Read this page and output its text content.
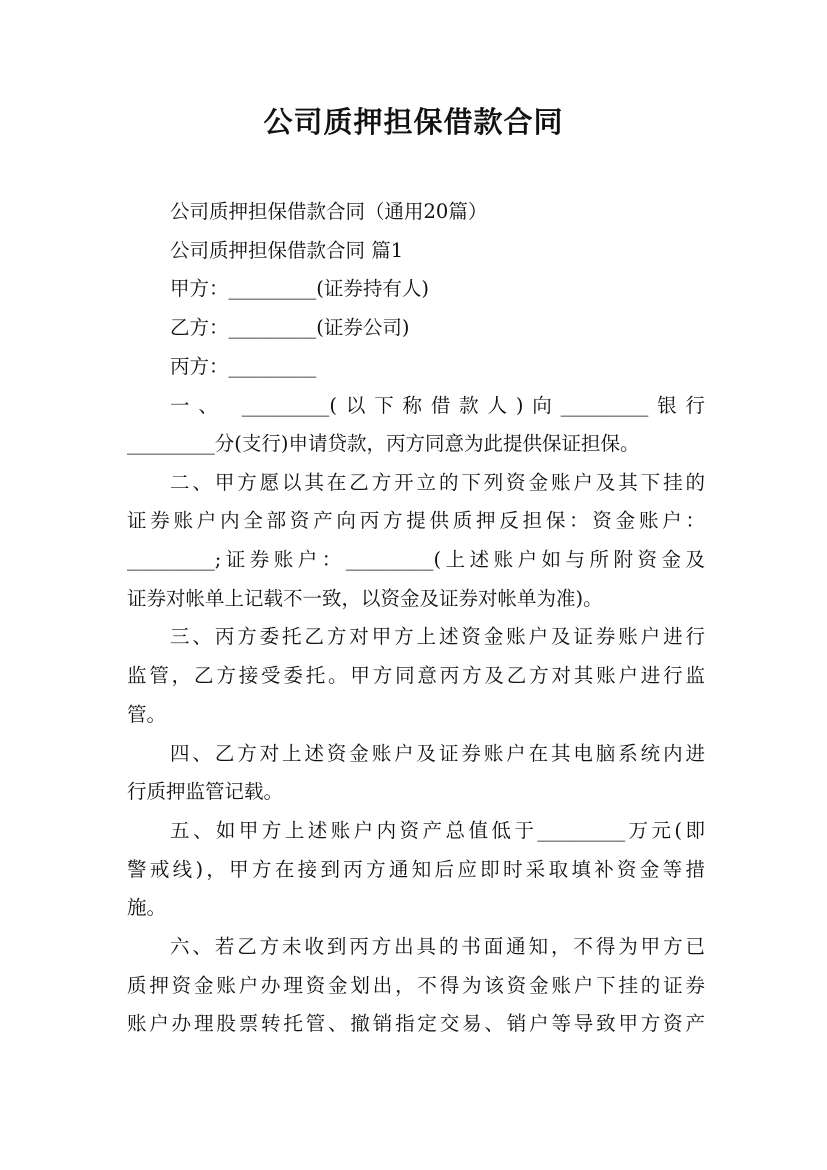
公司质押担保借款合同
公司质押担保借款合同（通用20篇）
公司质押担保借款合同 篇1
甲方：_________(证券持有人)
乙方：_________(证券公司)
丙方：_________
一、 _________(以下称借款人)向_________银行
_________分(支行)申请贷款，丙方同意为此提供保证担保。
二、甲方愿以其在乙方开立的下列资金账户及其下挂的
证券账户内全部资产向丙方提供质押反担保：资金账户：
_________;证券账户：_________(上述账户如与所附资金及
证券对帐单上记载不一致，以资金及证券对帐单为准)。
三、丙方委托乙方对甲方上述资金账户及证券账户进行
监管，乙方接受委托。甲方同意丙方及乙方对其账户进行监
管。
四、乙方对上述资金账户及证券账户在其电脑系统内进
行质押监管记载。
五、如甲方上述账户内资产总值低于_________万元(即
警戒线)，甲方在接到丙方通知后应即时采取填补资金等措
施。
六、若乙方未收到丙方出具的书面通知，不得为甲方已
质押资金账户办理资金划出，不得为该资金账户下挂的证券
账户办理股票转托管、撤销指定交易、销户等导致甲方资产
